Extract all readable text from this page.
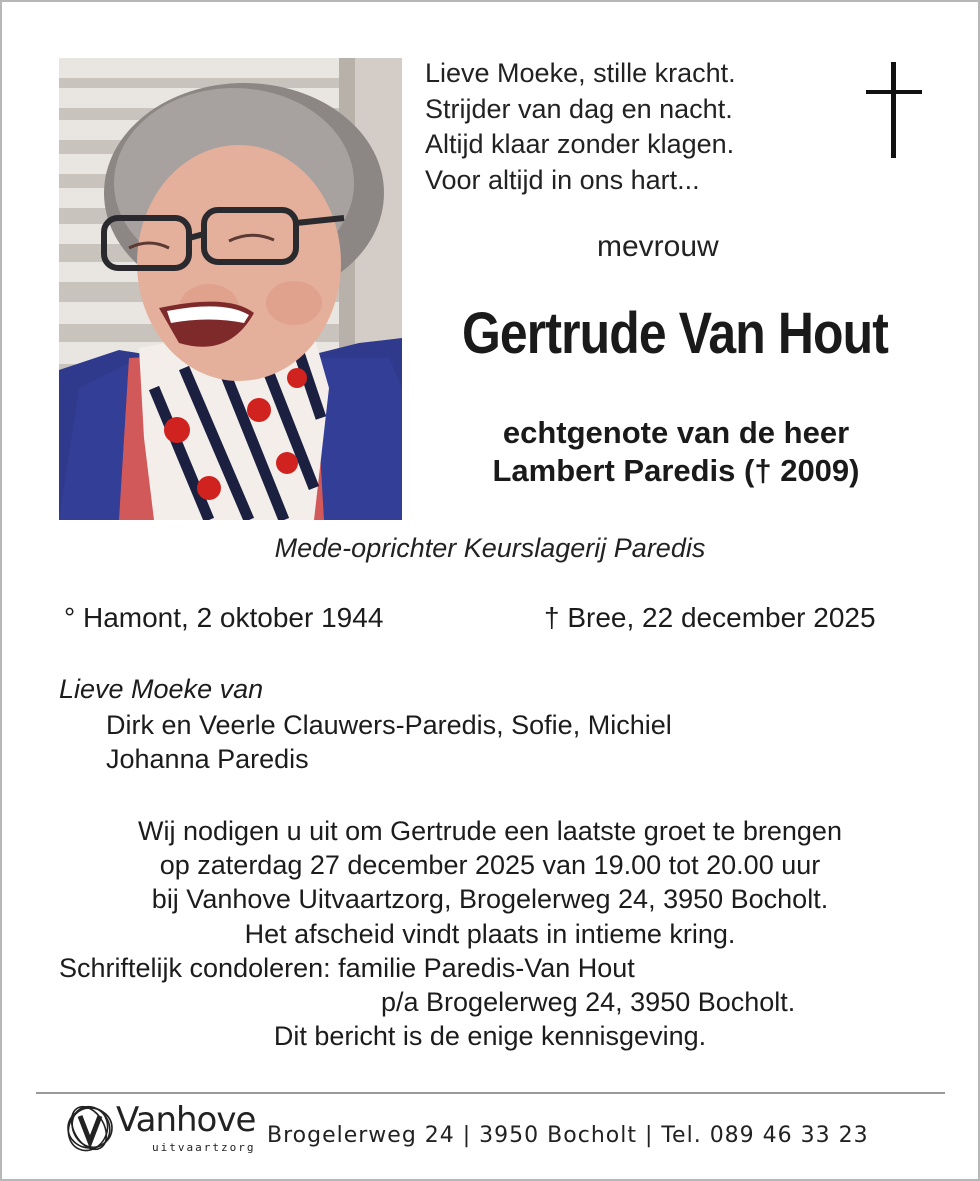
Lieve Moeke, stille kracht.
Strijder van dag en nacht.
Altijd klaar zonder klagen.
Voor altijd in ons hart...
mevrouw
Gertrude Van Hout
echtgenote van de heer
Lambert Paredis († 2009)
Mede-oprichter Keurslagerij Paredis
° Hamont, 2 oktober 1944	† Bree, 22 december 2025
Lieve Moeke van
Dirk en Veerle Clauwers-Paredis, Sofie, Michiel
Johanna Paredis
Wij nodigen u uit om Gertrude een laatste groet te brengen
op zaterdag 27 december 2025 van 19.00 tot 20.00 uur
bij Vanhove Uitvaartzorg, Brogelerweg 24, 3950 Bocholt.
Het afscheid vindt plaats in intieme kring.
Schriftelijk condoleren: familie Paredis-Van Hout
p/a Brogelerweg 24, 3950 Bocholt.
Dit bericht is de enige kennisgeving.
Vanhove
uitvaartzorg Brogelerweg 24 | 3950 Bocholt | Tel. 089 46 33 23
